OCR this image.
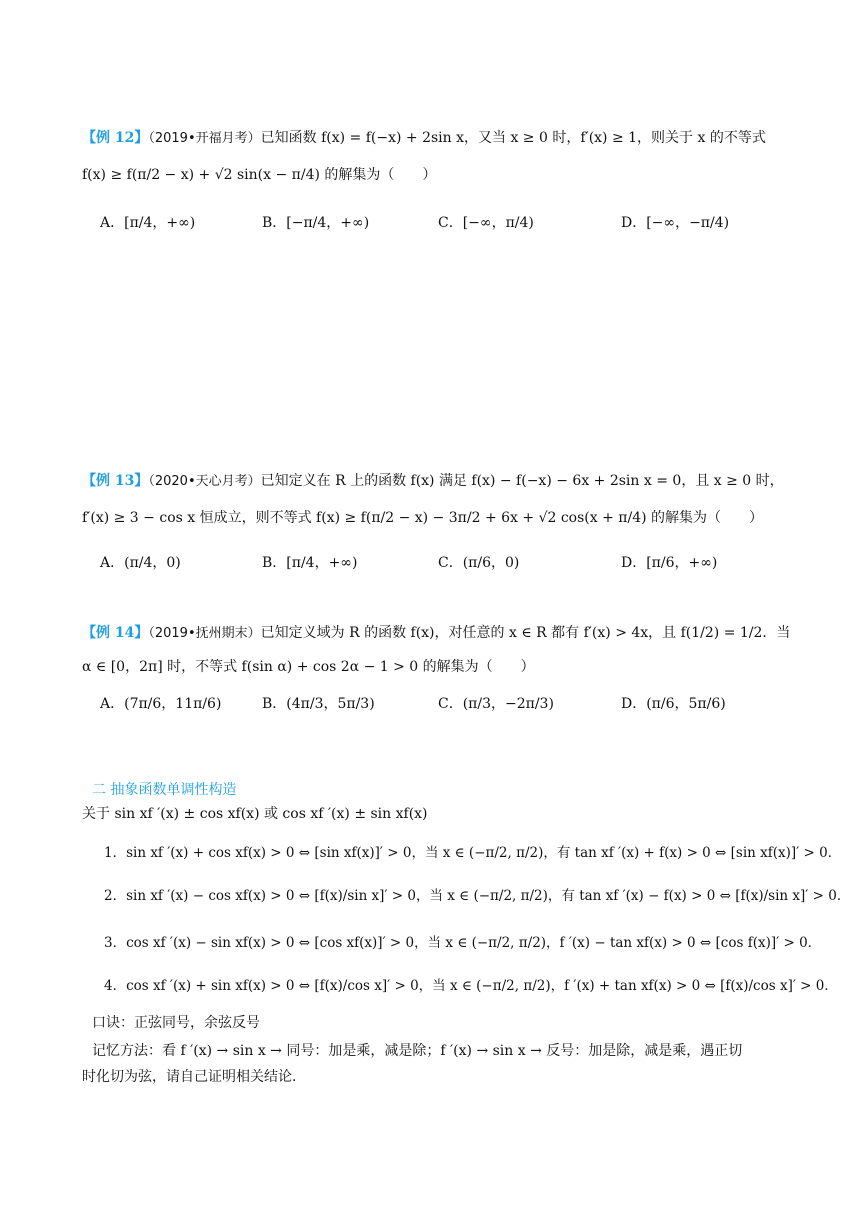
【例 12】（2019•开福月考）已知函数 f(x) = f(−x) + 2sin x，又当 x ≥ 0 时，f′(x) ≥ 1，则关于 x 的不等式
f(x) ≥ f(π/2 − x) + √2 sin(x − π/4) 的解集为（　　）
A．[π/4，+∞)	B．[−π/4，+∞)	C．[−∞，π/4)	D．[−∞，−π/4)
【例 13】（2020•天心月考）已知定义在 R 上的函数 f(x) 满足 f(x) − f(−x) − 6x + 2sin x = 0，且 x ≥ 0 时，
f′(x) ≥ 3 − cos x 恒成立，则不等式 f(x) ≥ f(π/2 − x) − 3π/2 + 6x + √2 cos(x + π/4) 的解集为（　　）
A．(π/4，0)	B．[π/4，+∞)	C．(π/6，0)	D．[π/6，+∞)
【例 14】（2019•抚州期末）已知定义域为 R 的函数 f(x)，对任意的 x ∈ R 都有 f′(x) > 4x，且 f(1/2) = 1/2．当
α ∈ [0，2π] 时，不等式 f(sin α) + cos 2α − 1 > 0 的解集为（　　）
A．(7π/6，11π/6)	B．(4π/3，5π/3)	C．(π/3，−2π/3)	D．(π/6，5π/6)
二 抽象函数单调性构造
关于 sin xf ′(x) ± cos xf(x) 或 cos xf ′(x) ± sin xf(x)
1．sin xf ′(x) + cos xf(x) > 0 ⇔ [sin xf(x)]′ > 0，当 x ∈ (−π/2, π/2)，有 tan xf ′(x) + f(x) > 0 ⇔ [sin xf(x)]′ > 0．
2．sin xf ′(x) − cos xf(x) > 0 ⇔ [f(x)/sin x]′ > 0，当 x ∈ (−π/2, π/2)，有 tan xf ′(x) − f(x) > 0 ⇔ [f(x)/sin x]′ > 0．
3．cos xf ′(x) − sin xf(x) > 0 ⇔ [cos xf(x)]′ > 0，当 x ∈ (−π/2, π/2)，f ′(x) − tan xf(x) > 0 ⇔ [cos f(x)]′ > 0．
4．cos xf ′(x) + sin xf(x) > 0 ⇔ [f(x)/cos x]′ > 0，当 x ∈ (−π/2, π/2)，f ′(x) + tan xf(x) > 0 ⇔ [f(x)/cos x]′ > 0．
口诀：正弦同号，余弦反号
记忆方法：看 f ′(x) → sin x → 同号：加是乘，减是除；f ′(x) → sin x → 反号：加是除，减是乘，遇正切
时化切为弦，请自己证明相关结论．
